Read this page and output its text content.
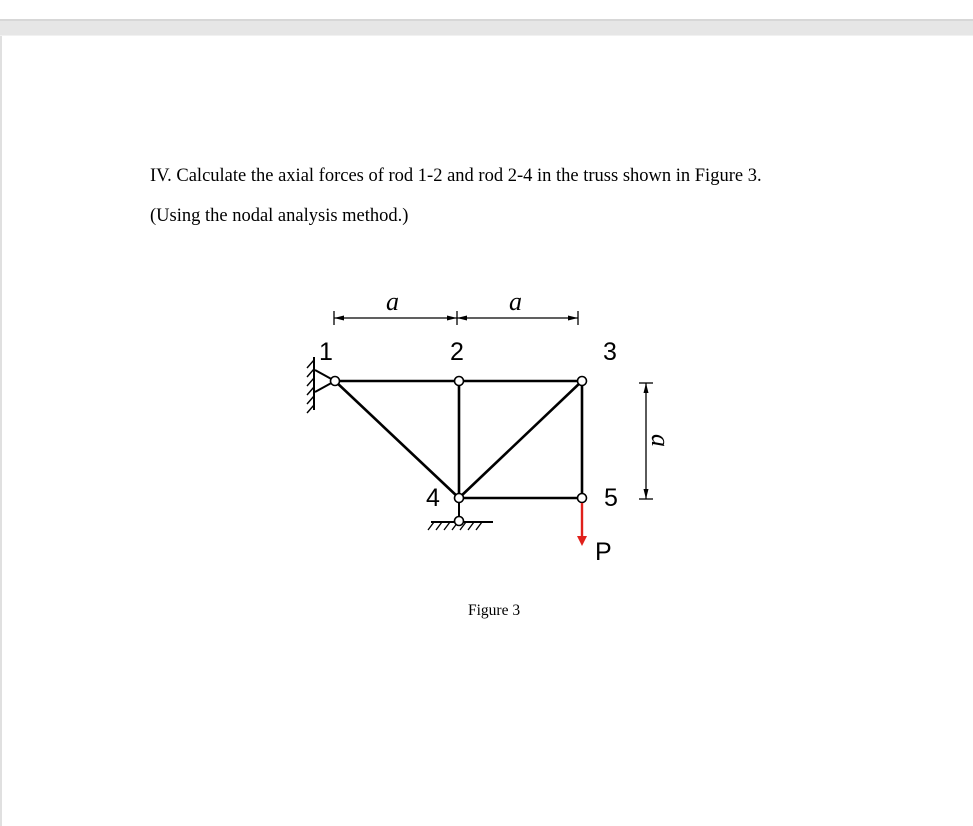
IV. Calculate the axial forces of rod 1-2 and rod 2-4 in the truss shown in Figure 3.

(Using the nodal analysis method.)

a	a
a
1	2	3
4	5
P

Figure 3
